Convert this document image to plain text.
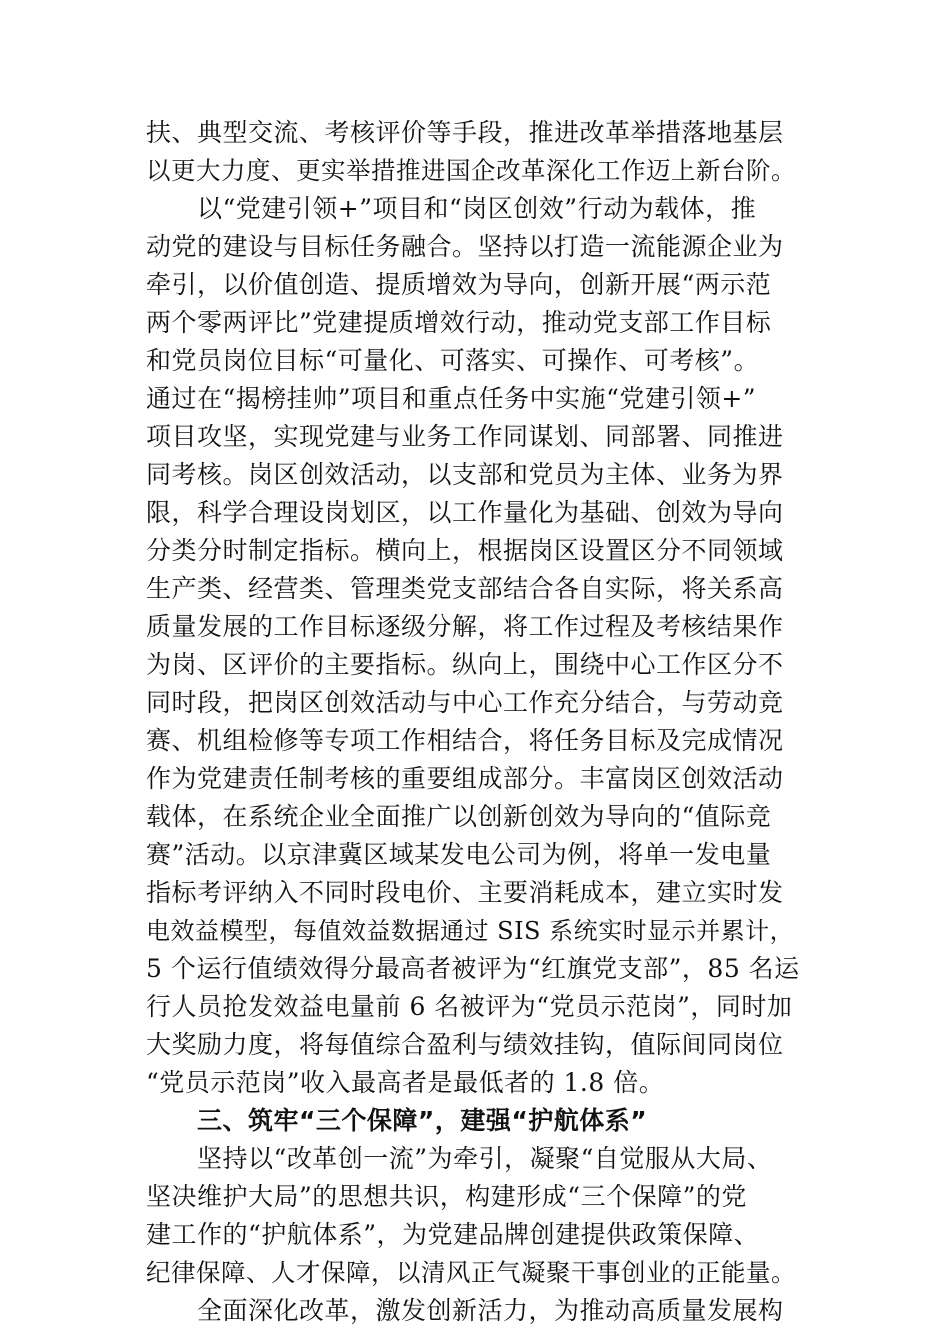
扶、典型交流、考核评价等手段，推进改革举措落地基层
以更大力度、更实举措推进国企改革深化工作迈上新台阶。
　　以“党建引领+”项目和“岗区创效”行动为载体，推
动党的建设与目标任务融合。坚持以打造一流能源企业为
牵引，以价值创造、提质增效为导向，创新开展“两示范
两个零两评比”党建提质增效行动，推动党支部工作目标
和党员岗位目标“可量化、可落实、可操作、可考核”。
通过在“揭榜挂帅”项目和重点任务中实施“党建引领+”
项目攻坚，实现党建与业务工作同谋划、同部署、同推进
同考核。岗区创效活动，以支部和党员为主体、业务为界
限，科学合理设岗划区，以工作量化为基础、创效为导向
分类分时制定指标。横向上，根据岗区设置区分不同领域
生产类、经营类、管理类党支部结合各自实际，将关系高
质量发展的工作目标逐级分解，将工作过程及考核结果作
为岗、区评价的主要指标。纵向上，围绕中心工作区分不
同时段，把岗区创效活动与中心工作充分结合，与劳动竞
赛、机组检修等专项工作相结合，将任务目标及完成情况
作为党建责任制考核的重要组成部分。丰富岗区创效活动
载体，在系统企业全面推广以创新创效为导向的“值际竞
赛”活动。以京津冀区域某发电公司为例，将单一发电量
指标考评纳入不同时段电价、主要消耗成本，建立实时发
电效益模型，每值效益数据通过 SIS 系统实时显示并累计，
5 个运行值绩效得分最高者被评为“红旗党支部”，85 名运
行人员抢发效益电量前 6 名被评为“党员示范岗”，同时加
大奖励力度，将每值综合盈利与绩效挂钩，值际间同岗位
“党员示范岗”收入最高者是最低者的 1.8 倍。
　　三、筑牢“三个保障”，建强“护航体系”
　　坚持以“改革创一流”为牵引，凝聚“自觉服从大局、
坚决维护大局”的思想共识，构建形成“三个保障”的党
建工作的“护航体系”，为党建品牌创建提供政策保障、
纪律保障、人才保障，以清风正气凝聚干事创业的正能量。
　　全面深化改革，激发创新活力，为推动高质量发展构
